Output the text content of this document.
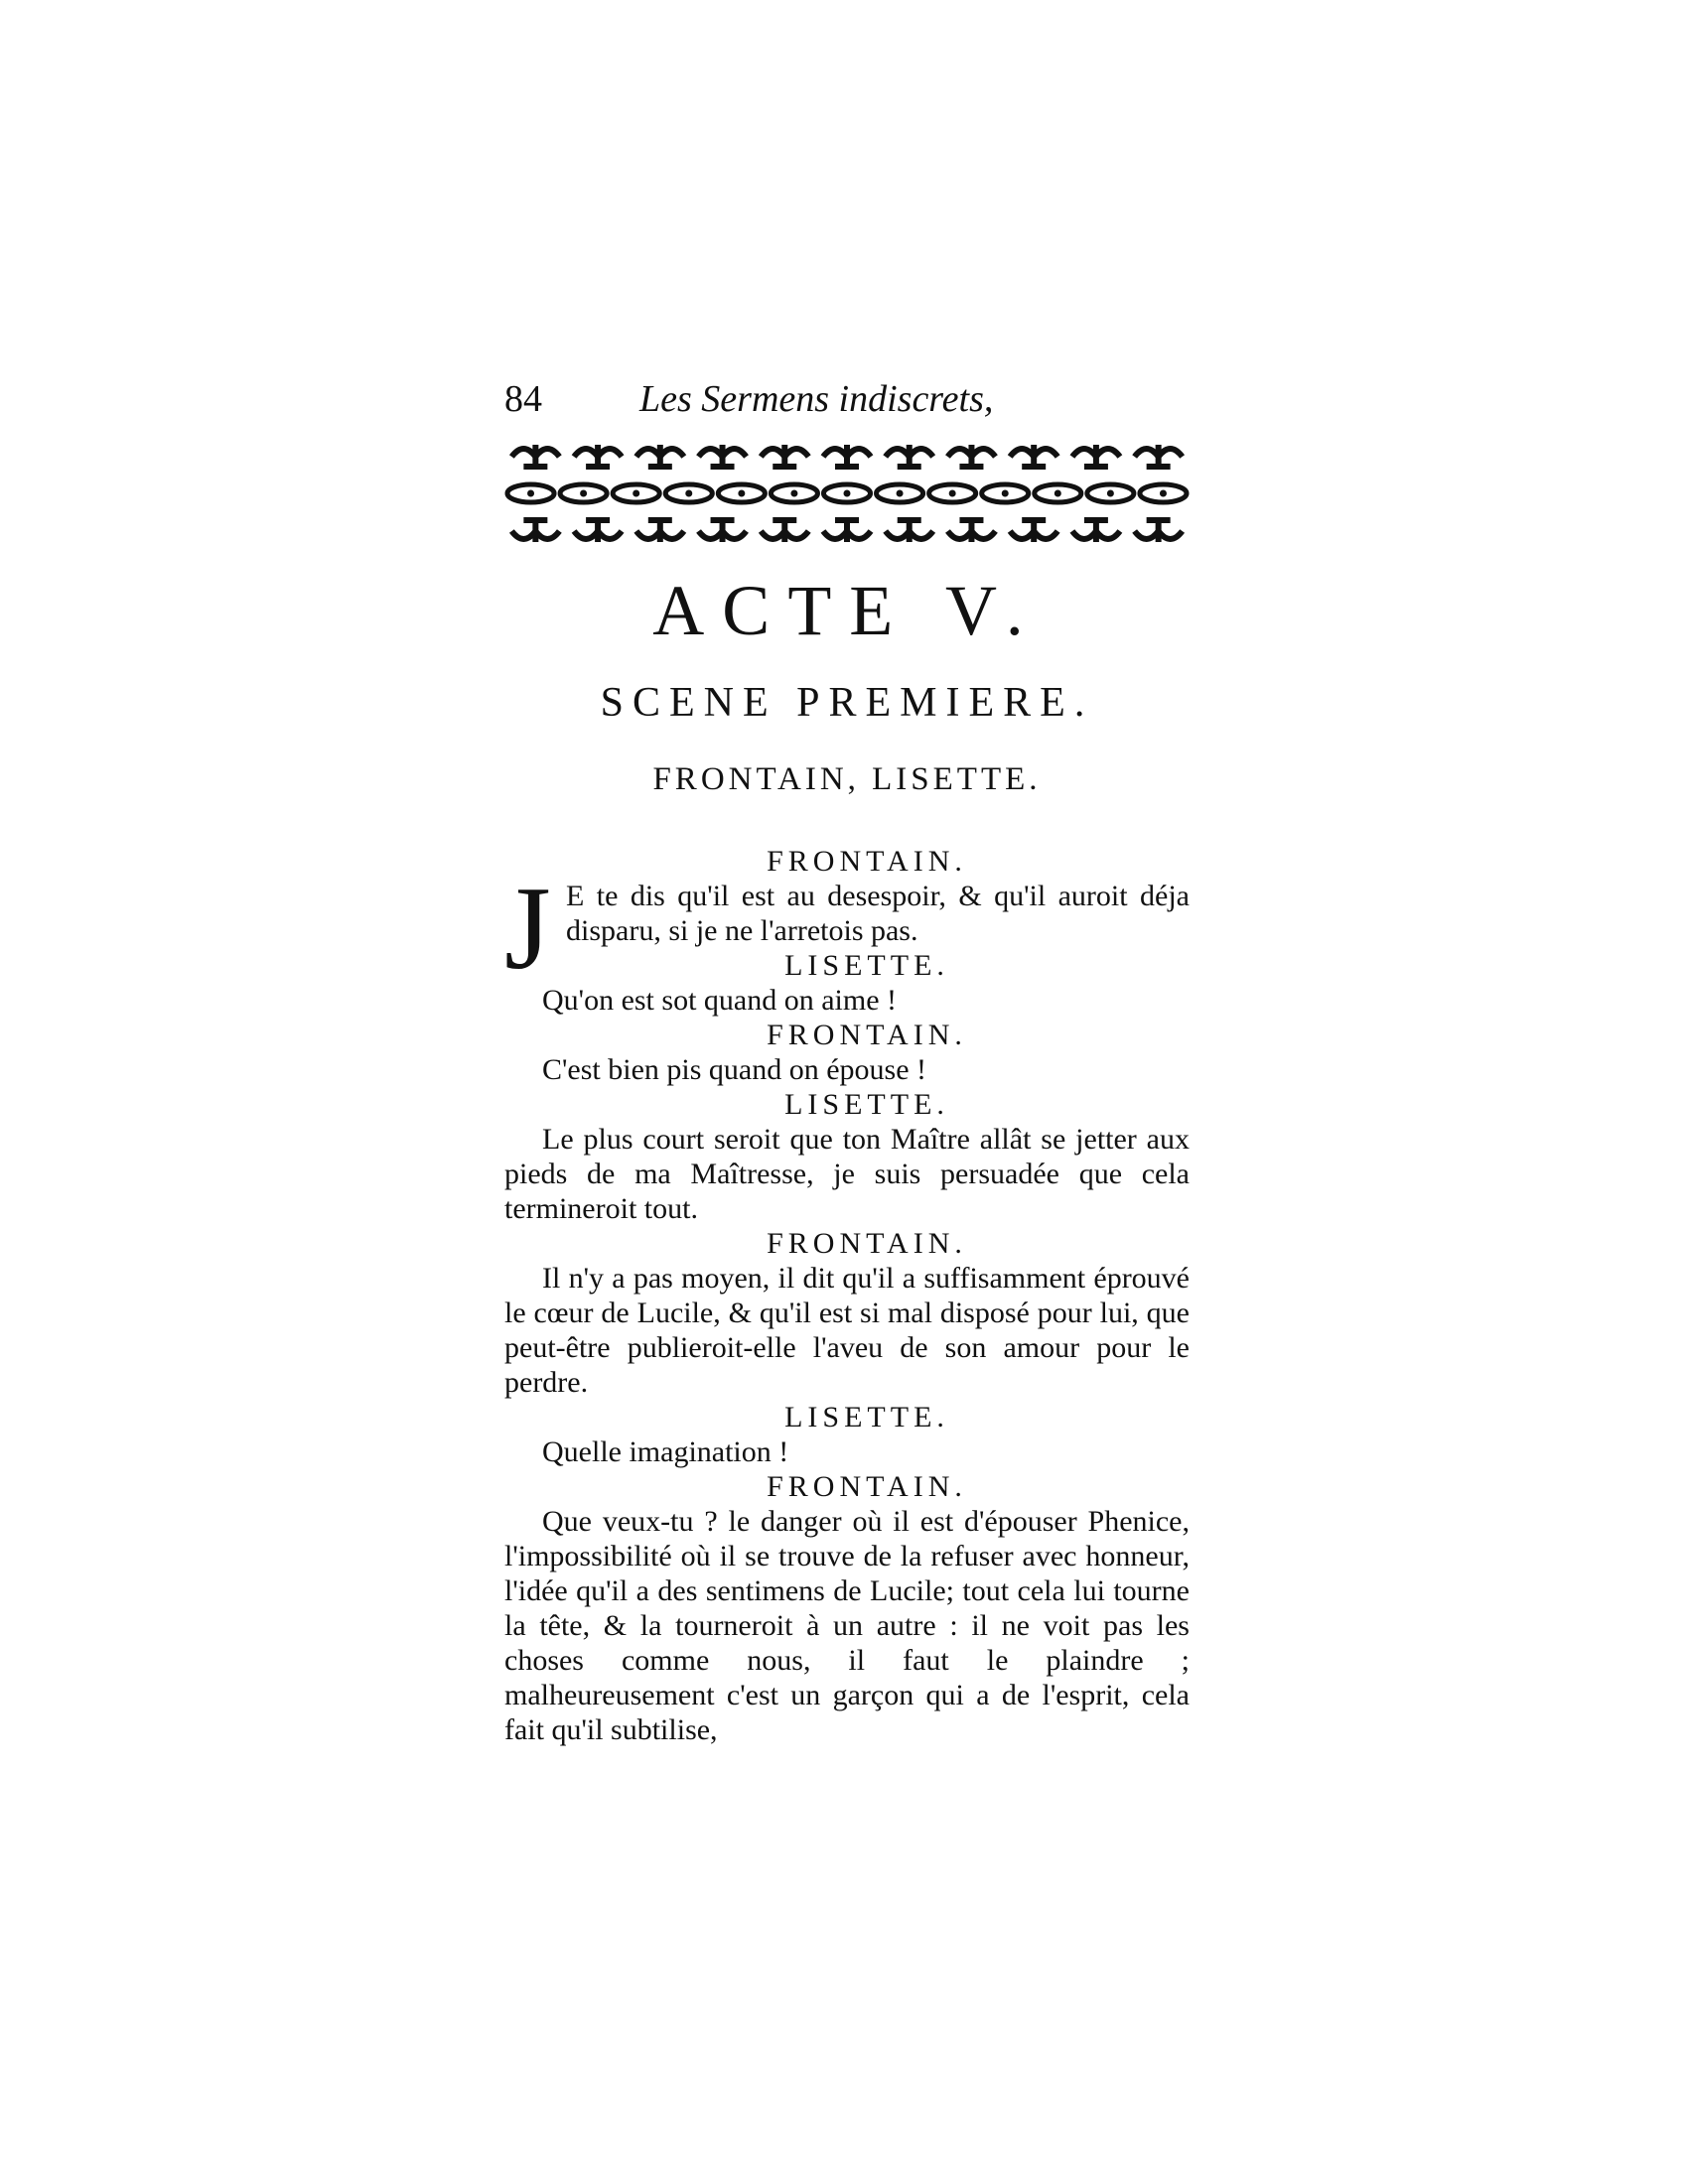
84	Les Sermens indiscrets,
ACTE V.
SCENE PREMIERE.
FRONTAIN, LISETTE.
FRONTAIN.
J E te dis qu'il est au desespoir, & qu'il auroit déja disparu, si je ne l'arretois pas.

LISETTE.

Qu'on est sot quand on aime !

FRONTAIN.

C'est bien pis quand on épouse !

LISETTE.

Le plus court seroit que ton Maître allât se jetter aux pieds de ma Maîtresse, je suis persuadée que cela termineroit tout.

FRONTAIN.

Il n'y a pas moyen, il dit qu'il a suffisamment éprouvé le cœur de Lucile, & qu'il est si mal disposé pour lui, que peut-être publieroit-elle l'aveu de son amour pour le perdre.

LISETTE.

Quelle imagination !

FRONTAIN.

Que veux-tu ? le danger où il est d'épouser Phenice, l'impossibilité où il se trouve de la refuser avec honneur, l'idée qu'il a des sentimens de Lucile; tout cela lui tourne la tête, & la tourneroit à un autre : il ne voit pas les choses comme nous, il faut le plaindre ; malheureusement c'est un garçon qui a de l'esprit, cela fait qu'il subtilise,
